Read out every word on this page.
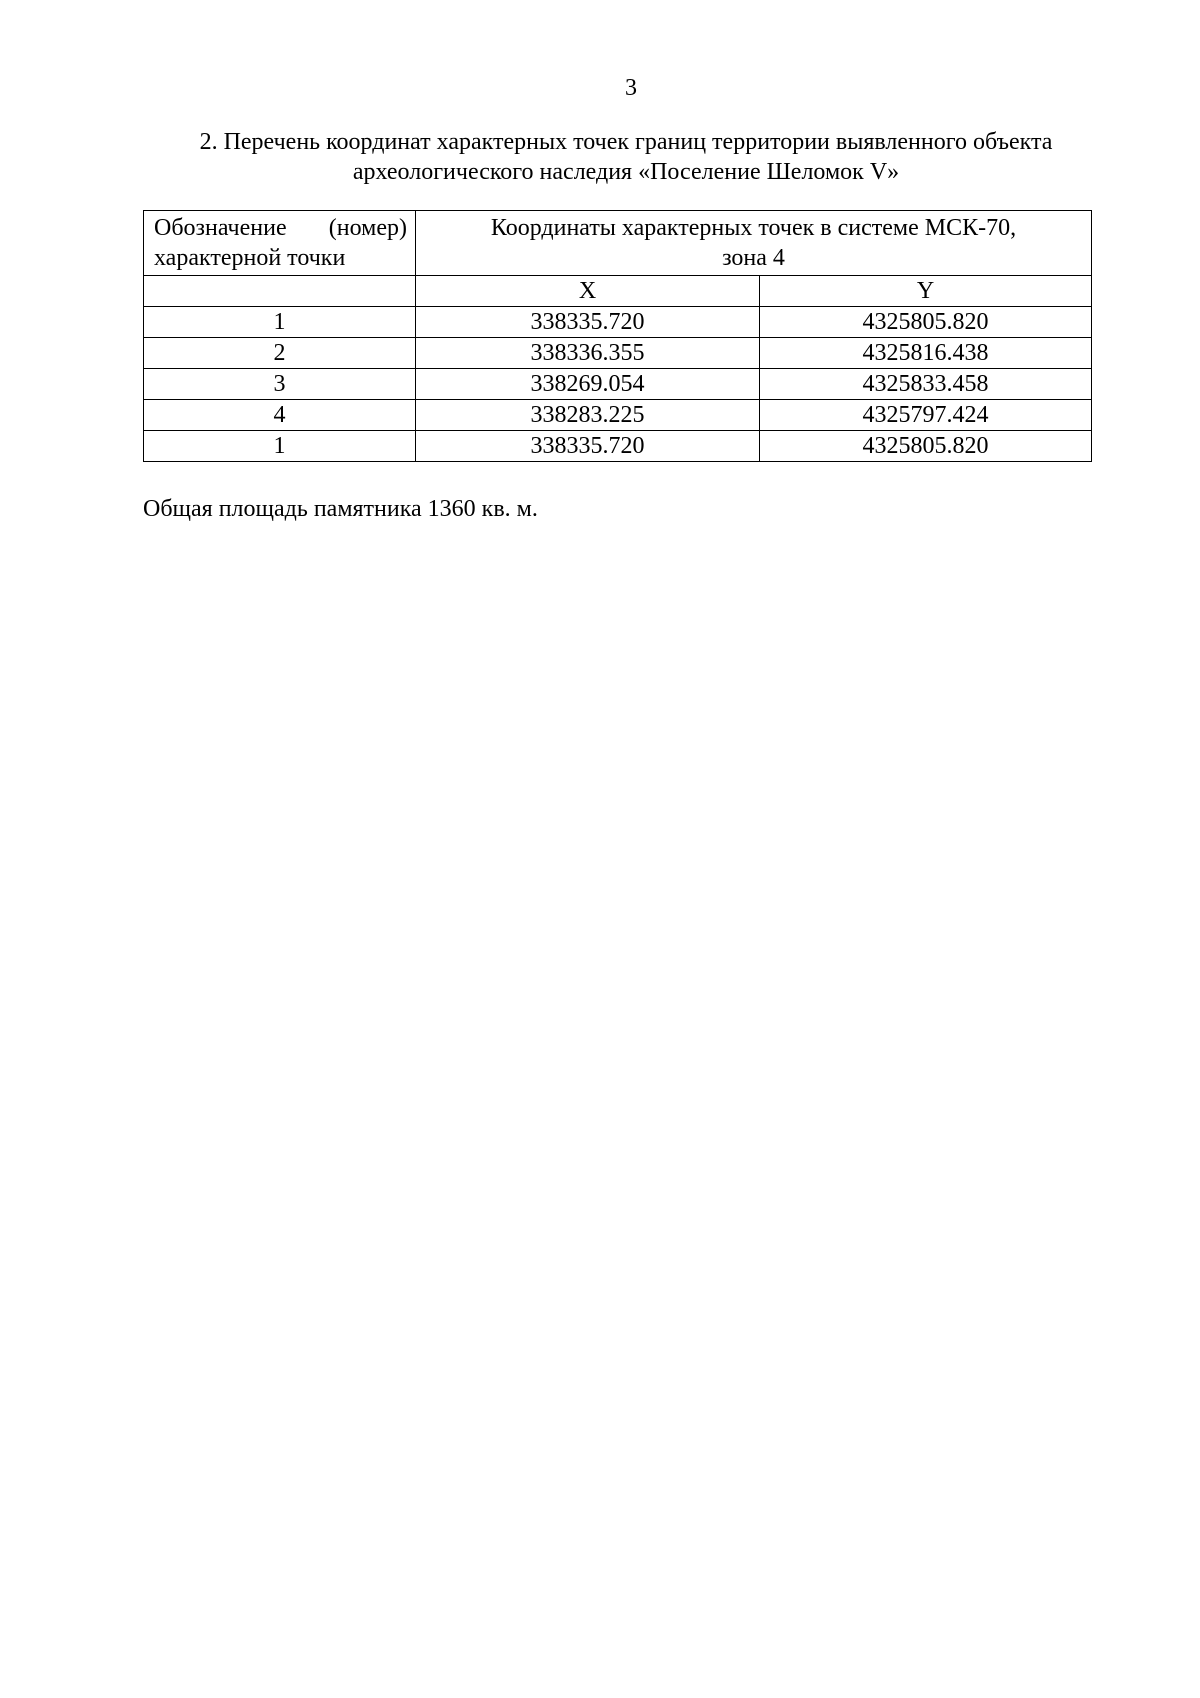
3
2. Перечень координат характерных точек границ территории выявленного объекта
археологического наследия «Поселение Шеломок V»
Обозначение (номер)
характерной точки	Координаты характерных точек в системе МСК-70,
зона 4	

	X	Y
1	338335.720	4325805.820
2	338336.355	4325816.438
3	338269.054	4325833.458
4	338283.225	4325797.424
1	338335.720	4325805.820
Общая площадь памятника 1360 кв. м.
